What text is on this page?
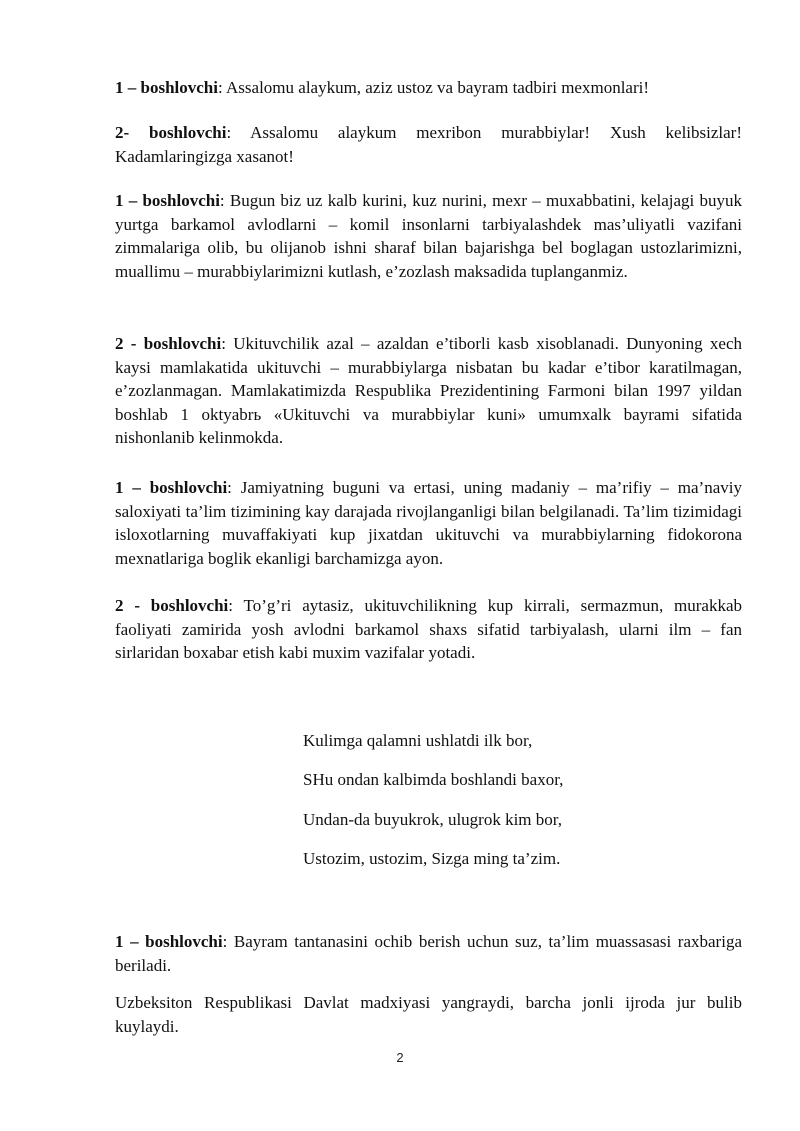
1 – boshlovchi: Assalomu alaykum, aziz ustoz va bayram tadbiri mexmonlari!

2- boshlovchi: Assalomu alaykum mexribon murabbiylar! Xush kelibsizlar! Kadamlaringizga xasanot!

1 – boshlovchi: Bugun biz uz kalb kurini, kuz nurini, mexr – muxabbatini, kelajagi buyuk yurtga barkamol avlodlarni – komil insonlarni tarbiyalashdek mas’uliyatli vazifani zimmalariga olib, bu olijanob ishni sharaf bilan bajarishga bel boglagan ustozlarimizni, muallimu – murabbiylarimizni kutlash, e’zozlash maksadida tuplanganmiz.

2 - boshlovchi: Ukituvchilik azal – azaldan e’tiborli kasb xisoblanadi. Dunyoning xech kaysi mamlakatida ukituvchi – murabbiylarga nisbatan bu kadar e’tibor karatilmagan, e’zozlanmagan. Mamlakatimizda Respublika Prezidentining Farmoni bilan 1997 yildan boshlab 1 oktyabrь «Ukituvchi va murabbiylar kuni» umumxalk bayrami sifatida nishonlanib kelinmokda.

1 – boshlovchi: Jamiyatning buguni va ertasi, uning madaniy – ma’rifiy – ma’naviy saloxiyati ta’lim tizimining kay darajada rivojlanganligi bilan belgilanadi. Ta’lim tizimidagi isloxotlarning muvaffakiyati kup jixatdan ukituvchi va murabbiylarning fidokorona mexnatlariga boglik ekanligi barchamizga ayon.

2 - boshlovchi: To’g’ri aytasiz, ukituvchilikning kup kirrali, sermazmun, murakkab faoliyati zamirida yosh avlodni barkamol shaxs sifatid tarbiyalash, ularni ilm – fan sirlaridan boxabar etish kabi muxim vazifalar yotadi.

Kulimga qalamni ushlatdi ilk bor,

SHu ondan kalbimda boshlandi baxor,

Undan-da buyukrok, ulugrok kim bor,

Ustozim, ustozim, Sizga ming ta’zim.

1 – boshlovchi: Bayram tantanasini ochib berish uchun suz, ta’lim muassasasi raxbariga beriladi.

Uzbeksiton Respublikasi Davlat madxiyasi yangraydi, barcha jonli ijroda jur bulib kuylaydi.

2
